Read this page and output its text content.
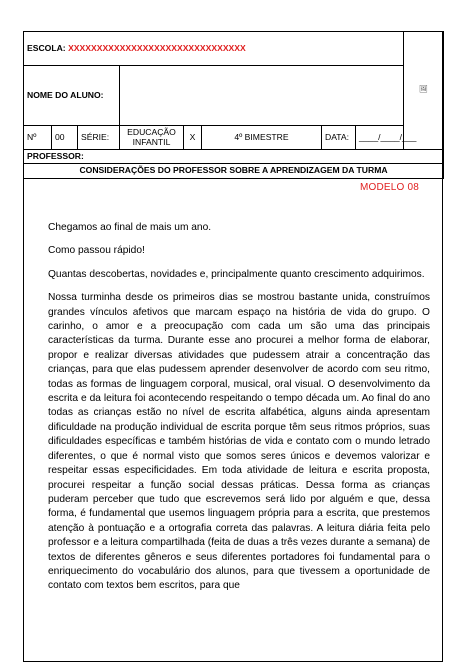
ESCOLA: XXXXXXXXXXXXXXXXXXXXXXXXXXXXXXX								🖼
NOME DO ALUNO:								
Nº	00	SÉRIE:	EDUCAÇÃO INFANTIL	X	4º BIMESTRE	DATA:	____/____/___	
PROFESSOR:								
CONSIDERAÇÕES DO PROFESSOR SOBRE A APRENDIZAGEM DA TURMA								
MODELO 08

Chegamos ao final de mais um ano.

Como passou rápido!

Quantas descobertas, novidades e, principalmente quanto crescimento adquirimos.

Nossa turminha desde os primeiros dias se mostrou bastante unida, construímos grandes vínculos afetivos que marcam espaço na história de vida do grupo. O carinho, o amor e a preocupação com cada um são uma das principais características da turma. Durante esse ano procurei a melhor forma de elaborar, propor e realizar diversas atividades que pudessem atrair a concentração das crianças, para que elas pudessem aprender desenvolver de acordo com seu ritmo, todas as formas de linguagem corporal, musical, oral visual. O desenvolvimento da escrita e da leitura foi acontecendo respeitando o tempo década um. Ao final do ano todas as crianças estão no nível de escrita alfabética, alguns ainda apresentam dificuldade na produção individual de escrita porque têm seus ritmos próprios, suas dificuldades específicas e também histórias de vida e contato com o mundo letrado diferentes, o que é normal visto que somos seres únicos e devemos valorizar e respeitar essas especificidades. Em toda atividade de leitura e escrita proposta, procurei respeitar a função social dessas práticas. Dessa forma as crianças puderam perceber que tudo que escrevemos será lido por alguém e que, dessa forma, é fundamental que usemos linguagem própria para a escrita, que prestemos atenção à pontuação e a ortografia correta das palavras. A leitura diária feita pelo professor e a leitura compartilhada (feita de duas a três vezes durante a semana) de textos de diferentes gêneros e seus diferentes portadores foi fundamental para o enriquecimento do vocabulário dos alunos, para que tivessem a oportunidade de contato com textos bem escritos, para que
